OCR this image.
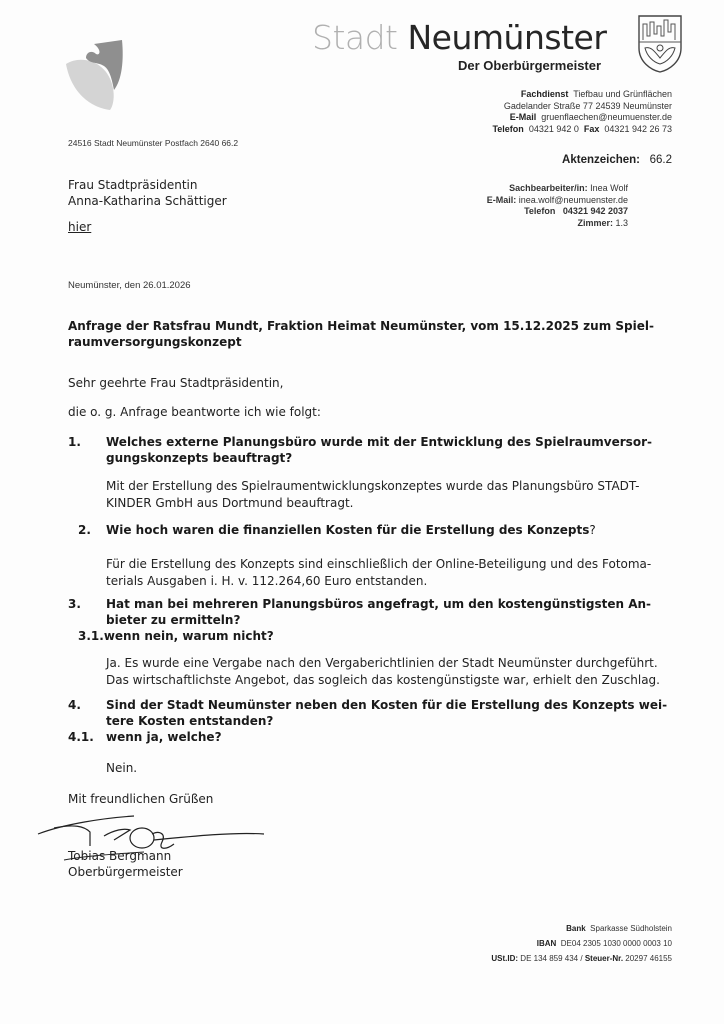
Stadt Neumünster
Der Oberbürgermeister
Fachdienst Tiefbau und Grünflächen
Gadelander Straße 77 24539 Neumünster
E-Mail gruenflaechen@neumuenster.de
Telefon 04321 942 0 Fax 04321 942 26 73
24516 Stadt Neumünster Postfach 2640 66.2
Aktenzeichen: 66.2
Sachbearbeiter/in: Inea Wolf
E-Mail: inea.wolf@neumuenster.de
Telefon 04321 942 2037
Zimmer: 1.3
Frau Stadtpräsidentin
Anna-Katharina Schättiger
hier
Neumünster, den 26.01.2026
Anfrage der Ratsfrau Mundt, Fraktion Heimat Neumünster, vom 15.12.2025 zum Spiel-
raumversorgungskonzept
Sehr geehrte Frau Stadtpräsidentin,
die o. g. Anfrage beantworte ich wie folgt:
1. Welches externe Planungsbüro wurde mit der Entwicklung des Spielraumversor-
gungskonzepts beauftragt?
Mit der Erstellung des Spielraumentwicklungskonzeptes wurde das Planungsbüro STADT-
KINDER GmbH aus Dortmund beauftragt.
2. Wie hoch waren die finanziellen Kosten für die Erstellung des Konzepts?
Für die Erstellung des Konzepts sind einschließlich der Online-Beteiligung und des Fotoma-
terials Ausgaben i. H. v. 112.264,60 Euro entstanden.
3. Hat man bei mehreren Planungsbüros angefragt, um den kostengünstigsten An-
bieter zu ermitteln?
3.1.wenn nein, warum nicht?
Ja. Es wurde eine Vergabe nach den Vergaberichtlinien der Stadt Neumünster durchgeführt.
Das wirtschaftlichste Angebot, das sogleich das kostengünstigste war, erhielt den Zuschlag.
4. Sind der Stadt Neumünster neben den Kosten für die Erstellung des Konzepts wei-
tere Kosten entstanden?
4.1. wenn ja, welche?
Nein.
Mit freundlichen Grüßen
Tobias Bergmann
Oberbürgermeister
Bank Sparkasse Südholstein
IBAN DE04 2305 1030 0000 0003 10
USt.ID: DE 134 859 434 / Steuer-Nr. 20297 46155
